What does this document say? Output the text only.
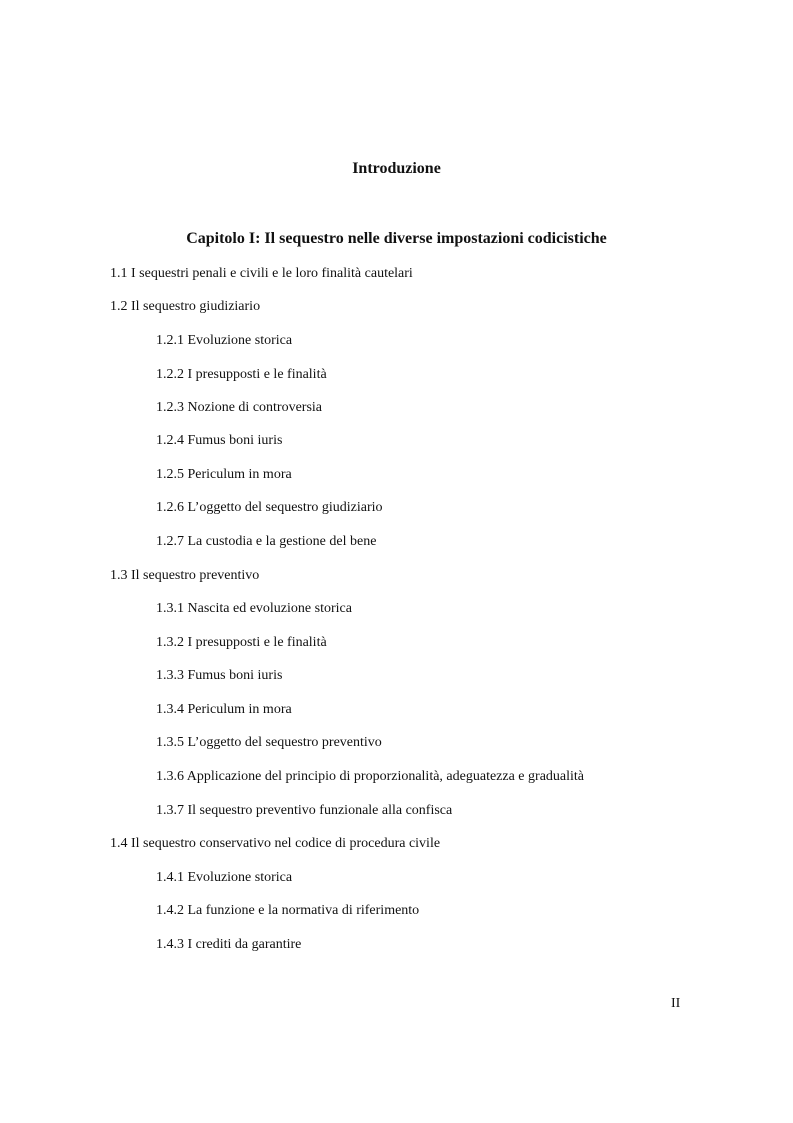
Introduzione
Capitolo I: Il sequestro nelle diverse impostazioni codicistiche

1.1 I sequestri penali e civili e le loro finalità cautelari

1.2 Il sequestro giudiziario

1.2.1 Evoluzione storica

1.2.2 I presupposti e le finalità

1.2.3 Nozione di controversia

1.2.4 Fumus boni iuris

1.2.5 Periculum in mora

1.2.6 L’oggetto del sequestro giudiziario

1.2.7 La custodia e la gestione del bene

1.3 Il sequestro preventivo

1.3.1 Nascita ed evoluzione storica

1.3.2 I presupposti e le finalità

1.3.3 Fumus boni iuris

1.3.4 Periculum in mora

1.3.5 L’oggetto del sequestro preventivo

1.3.6 Applicazione del principio di proporzionalità, adeguatezza e gradualità

1.3.7 Il sequestro preventivo funzionale alla confisca

1.4 Il sequestro conservativo nel codice di procedura civile

1.4.1 Evoluzione storica

1.4.2 La funzione e la normativa di riferimento

1.4.3 I crediti da garantire

II
